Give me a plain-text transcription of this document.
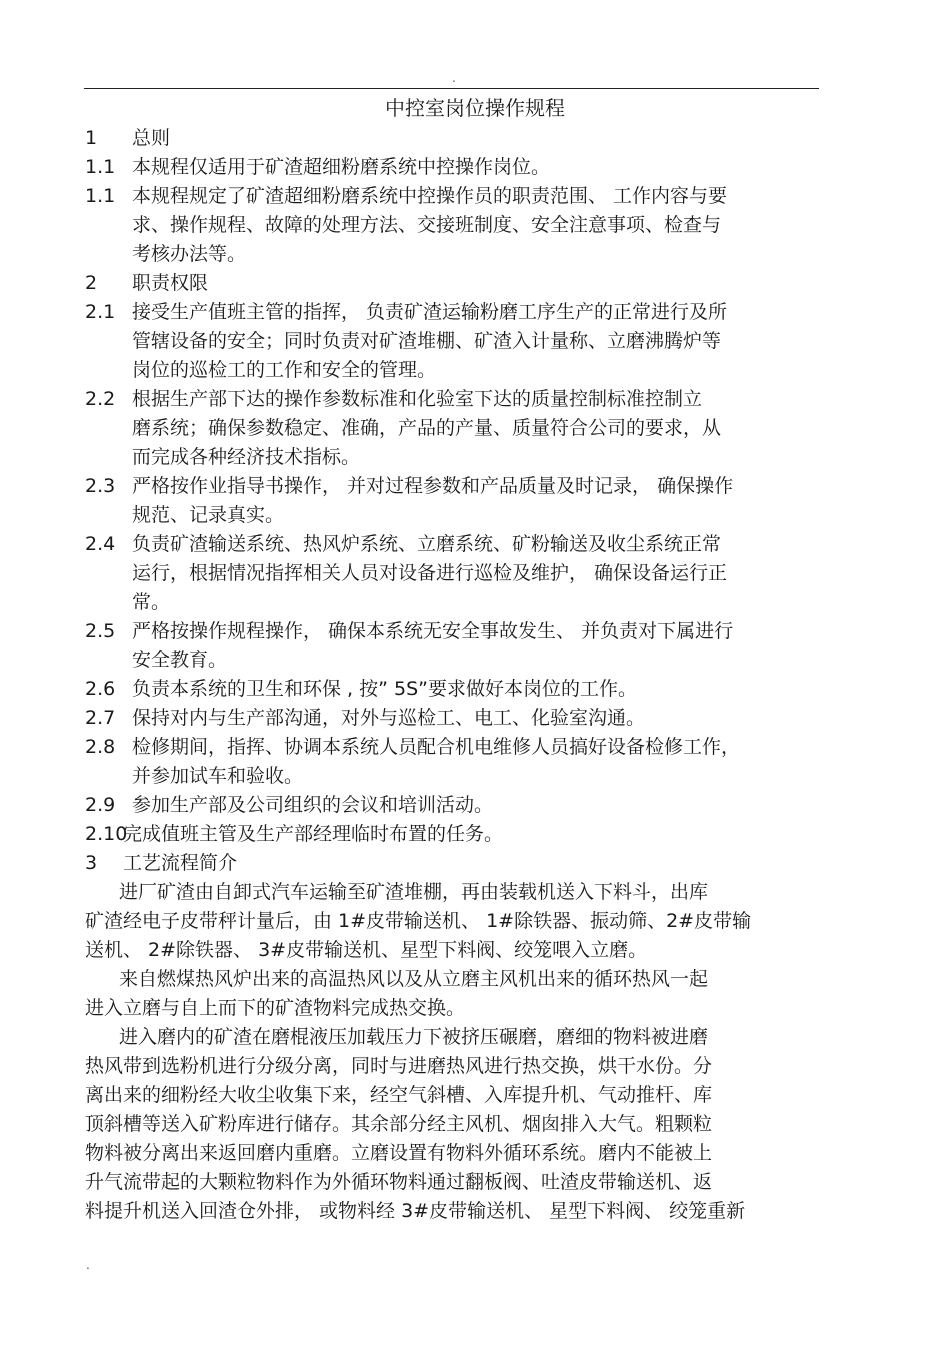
.
中控室岗位操作规程
1	总则
1.1 本规程仅适用于矿渣超细粉磨系统中控操作岗位。
1.1 本规程规定了矿渣超细粉磨系统中控操作员的职责范围、 工作内容与要
求、操作规程、故障的处理方法、交接班制度、安全注意事项、检查与
考核办法等。
2	职责权限
2.1 接受生产值班主管的指挥， 负责矿渣运输粉磨工序生产的正常进行及所
管辖设备的安全；同时负责对矿渣堆棚、矿渣入计量称、立磨沸腾炉等
岗位的巡检工的工作和安全的管理。
2.2 根据生产部下达的操作参数标准和化验室下达的质量控制标准控制立
磨系统；确保参数稳定、准确，产品的产量、质量符合公司的要求，从
而完成各种经济技术指标。
2.3 严格按作业指导书操作， 并对过程参数和产品质量及时记录， 确保操作
规范、记录真实。
2.4 负责矿渣输送系统、热风炉系统、立磨系统、矿粉输送及收尘系统正常
运行，根据情况指挥相关人员对设备进行巡检及维护， 确保设备运行正
常。
2.5 严格按操作规程操作， 确保本系统无安全事故发生、 并负责对下属进行
安全教育。
2.6 负责本系统的卫生和环保 , 按” 5S”要求做好本岗位的工作。
2.7 保持对内与生产部沟通，对外与巡检工、电工、化验室沟通。
2.8 检修期间，指挥、协调本系统人员配合机电维修人员搞好设备检修工作，
并参加试车和验收。
2.9 参加生产部及公司组织的会议和培训活动。
2.10
完成值班主管及生产部经理临时布置的任务。
3	工艺流程简介
进厂矿渣由自卸式汽车运输至矿渣堆棚，再由装载机送入下料斗，出库
矿渣经电子皮带秤计量后，由 1#皮带输送机、 1#除铁器、振动筛、2#皮带输
送机、 2#除铁器、 3#皮带输送机、星型下料阀、绞笼喂入立磨。
来自燃煤热风炉出来的高温热风以及从立磨主风机出来的循环热风一起
进入立磨与自上而下的矿渣物料完成热交换。
进入磨内的矿渣在磨棍液压加载压力下被挤压碾磨，磨细的物料被进磨
热风带到选粉机进行分级分离，同时与进磨热风进行热交换，烘干水份。分
离出来的细粉经大收尘收集下来，经空气斜槽、入库提升机、气动推杆、库
顶斜槽等送入矿粉库进行储存。其余部分经主风机、烟囱排入大气。粗颗粒
物料被分离出来返回磨内重磨。立磨设置有物料外循环系统。磨内不能被上
升气流带起的大颗粒物料作为外循环物料通过翻板阀、吐渣皮带输送机、返
料提升机送入回渣仓外排， 或物料经 3#皮带输送机、 星型下料阀、 绞笼重新
.
